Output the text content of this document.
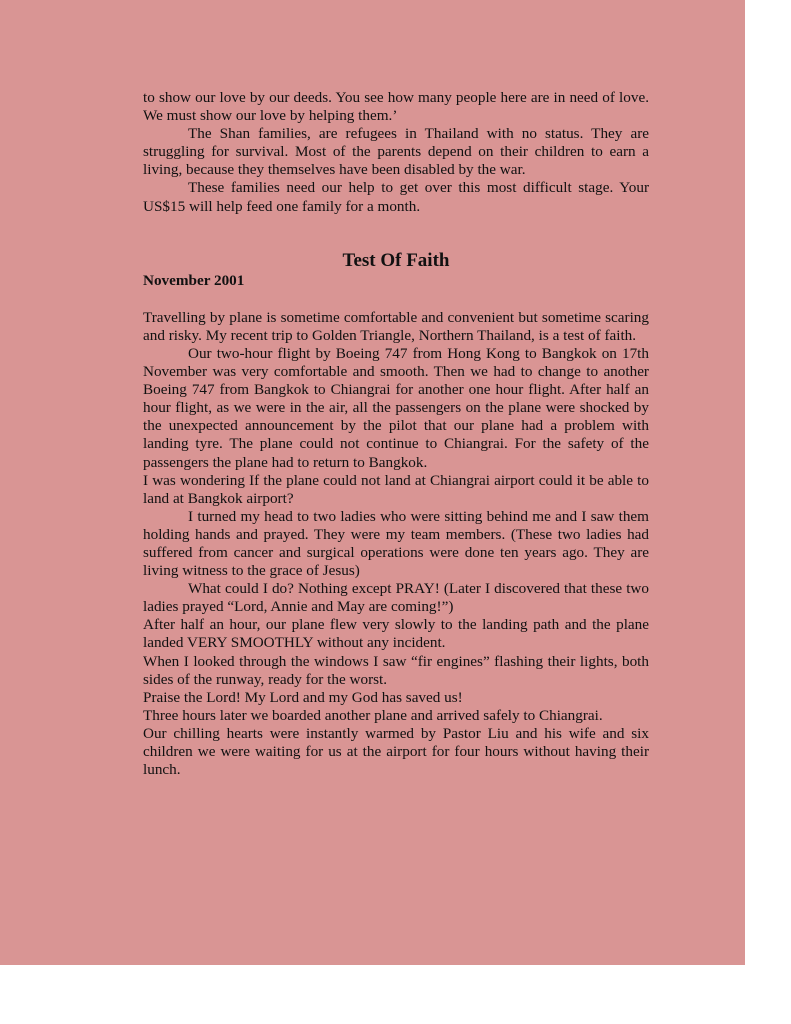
to show our love by our deeds. You see how many people here are in need of love. We must show our love by helping them.’

The Shan families, are refugees in Thailand with no status. They are struggling for survival. Most of the parents depend on their children to earn a living, because they themselves have been disabled by the war.

These families need our help to get over this most difficult stage. Your US$15 will help feed one family for a month.

Test Of Faith

November 2001

Travelling by plane is sometime comfortable and convenient but sometime scaring and risky. My recent trip to Golden Triangle, Northern Thailand, is a test of faith.

Our two-hour flight by Boeing 747 from Hong Kong to Bangkok on 17th November was very comfortable and smooth. Then we had to change to another Boeing 747 from Bangkok to Chiangrai for another one hour flight. After half an hour flight, as we were in the air, all the passengers on the plane were shocked by the unexpected announcement by the pilot that our plane had a problem with landing tyre. The plane could not continue to Chiangrai. For the safety of the passengers the plane had to return to Bangkok.

I was wondering If the plane could not land at Chiangrai airport could it be able to land at Bangkok airport?

I turned my head to two ladies who were sitting behind me and I saw them holding hands and prayed. They were my team members. (These two ladies had suffered from cancer and surgical operations were done ten years ago. They are living witness to the grace of Jesus)

What could I do? Nothing except PRAY! (Later I discovered that these two ladies prayed “Lord, Annie and May are coming!”)

After half an hour, our plane flew very slowly to the landing path and the plane landed VERY SMOOTHLY without any incident.

When I looked through the windows I saw “fir engines” flashing their lights, both sides of the runway, ready for the worst.

Praise the Lord! My Lord and my God has saved us!

Three hours later we boarded another plane and arrived safely to Chiangrai.

Our chilling hearts were instantly warmed by Pastor Liu and his wife and six children we were waiting for us at the airport for four hours without having their lunch.
